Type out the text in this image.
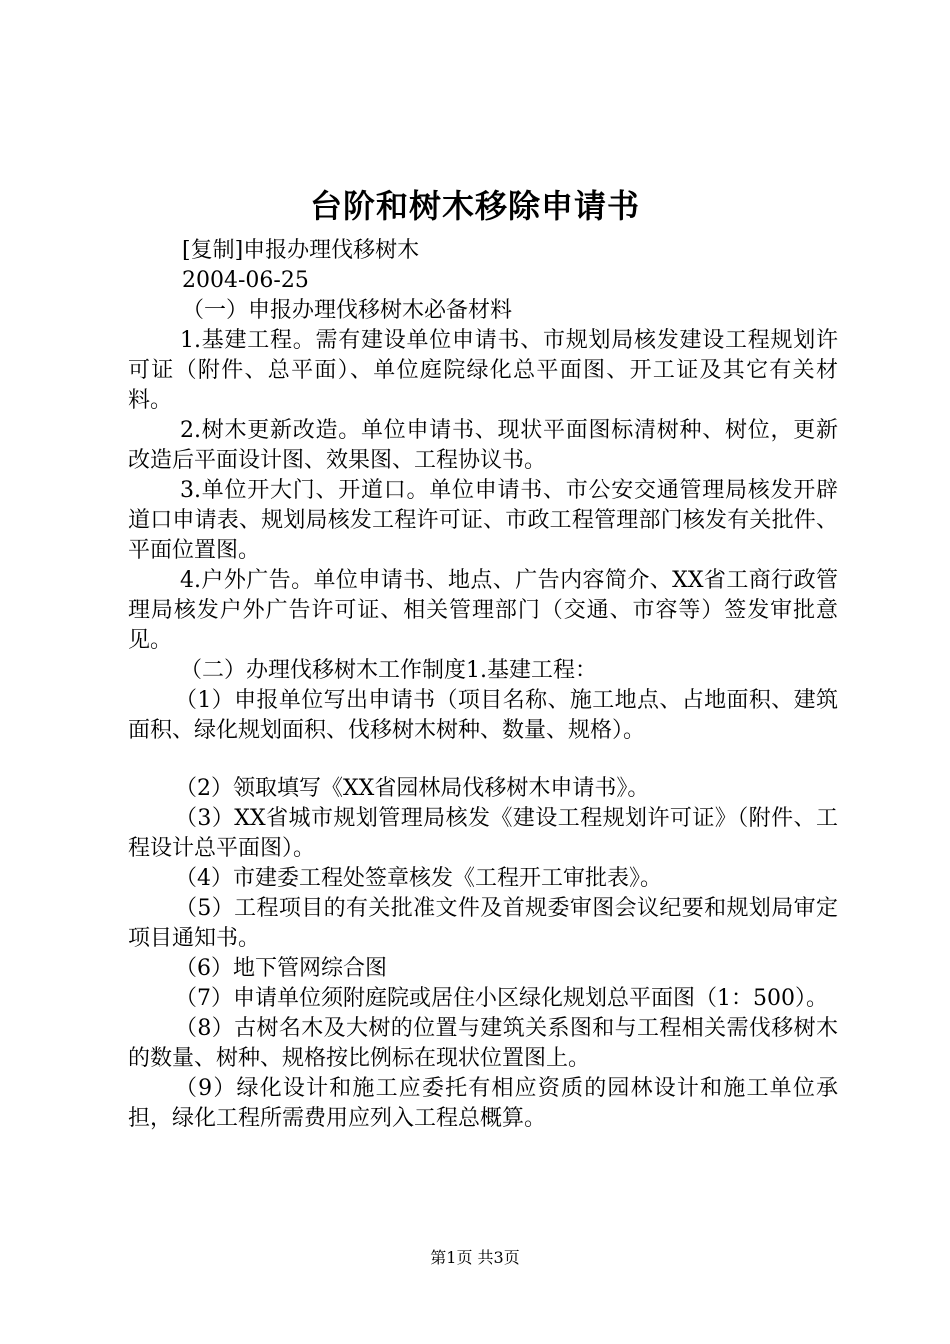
台阶和树木移除申请书

[复制]申报办理伐移树木

2004-06-25

（一）申报办理伐移树木必备材料

1.基建工程。需有建设单位申请书、市规划局核发建设工程规划许可证（附件、总平面）、单位庭院绿化总平面图、开工证及其它有关材料。

2.树木更新改造。单位申请书、现状平面图标清树种、树位，更新改造后平面设计图、效果图、工程协议书。

3.单位开大门、开道口。单位申请书、市公安交通管理局核发开辟道口申请表、规划局核发工程许可证、市政工程管理部门核发有关批件、平面位置图。

4.户外广告。单位申请书、地点、广告内容简介、XX省工商行政管理局核发户外广告许可证、相关管理部门（交通、市容等）签发审批意见。

（二）办理伐移树木工作制度1.基建工程：

（1）申报单位写出申请书（项目名称、施工地点、占地面积、建筑面积、绿化规划面积、伐移树木树种、数量、规格）。

（2）领取填写《XX省园林局伐移树木申请书》。

（3）XX省城市规划管理局核发《建设工程规划许可证》（附件、工程设计总平面图）。

（4）市建委工程处签章核发《工程开工审批表》。

（5）工程项目的有关批准文件及首规委审图会议纪要和规划局审定项目通知书。

（6）地下管网综合图

（7）申请单位须附庭院或居住小区绿化规划总平面图（1：500）。

（8）古树名木及大树的位置与建筑关系图和与工程相关需伐移树木的数量、树种、规格按比例标在现状位置图上。

（9）绿化设计和施工应委托有相应资质的园林设计和施工单位承担，绿化工程所需费用应列入工程总概算。

第1页 共3页
